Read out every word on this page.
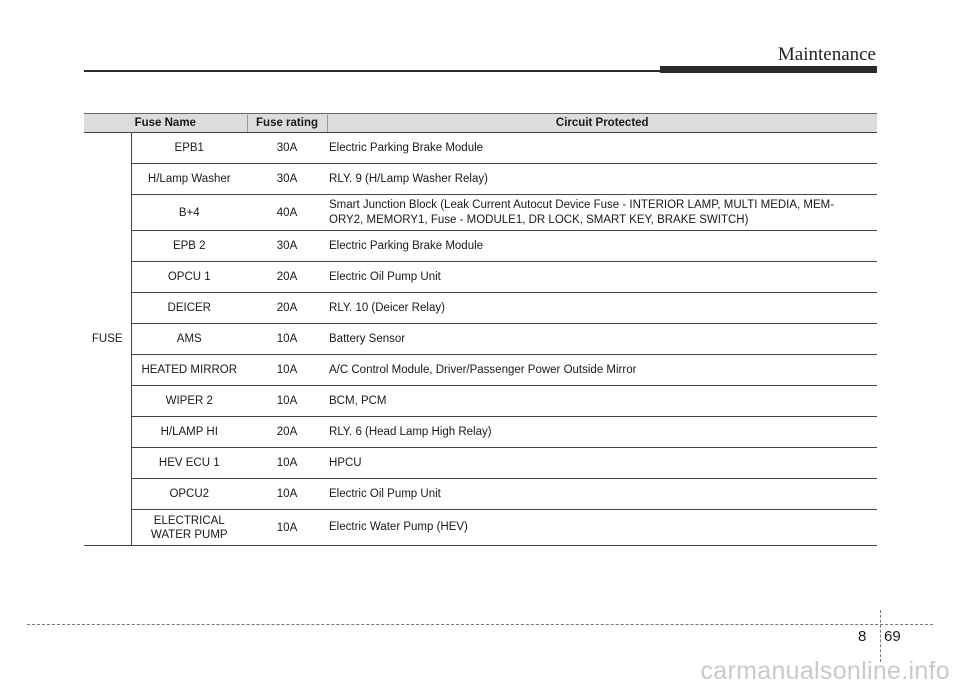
Maintenance
Fuse Name		Fuse rating	Circuit Protected
FUSE	EPB1	30A	Electric Parking Brake Module
	H/Lamp Washer	30A	RLY. 9 (H/Lamp Washer Relay)
	B+4	40A	Smart Junction Block (Leak Current Autocut Device Fuse - INTERIOR LAMP, MULTI MEDIA, MEM-
ORY2, MEMORY1, Fuse - MODULE1, DR LOCK, SMART KEY, BRAKE SWITCH)
	EPB 2	30A	Electric Parking Brake Module
	OPCU 1	20A	Electric Oil Pump Unit
	DEICER	20A	RLY. 10 (Deicer Relay)
	AMS	10A	Battery Sensor
	HEATED MIRROR	10A	A/C Control Module, Driver/Passenger Power Outside Mirror
	WIPER 2	10A	BCM, PCM
	H/LAMP HI	20A	RLY. 6 (Head Lamp High Relay)
	HEV ECU 1	10A	HPCU
	OPCU2	10A	Electric Oil Pump Unit
	ELECTRICAL
WATER PUMP	10A	Electric Water Pump (HEV)
8 69
carmanualsonline.info
